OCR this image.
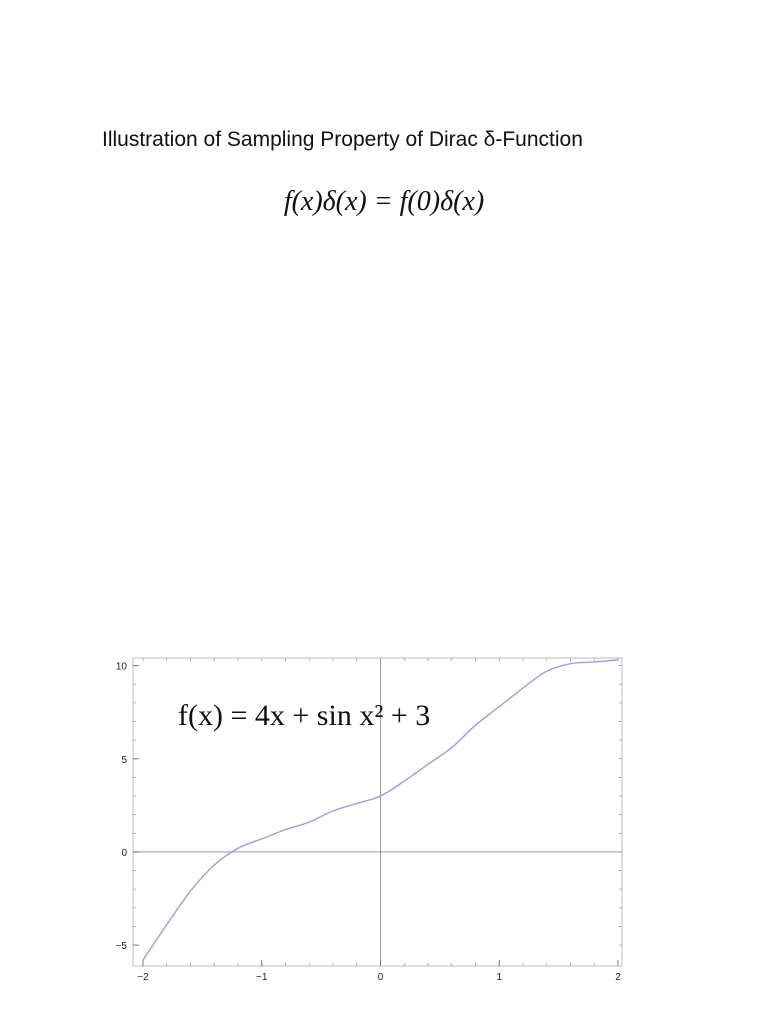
Illustration of Sampling Property of Dirac δ-Function
f(x)δ(x) = f(0)δ(x)
−2	−1	0	1	2
−5
0
5
10
f(x) = 4x + sin x² + 3
